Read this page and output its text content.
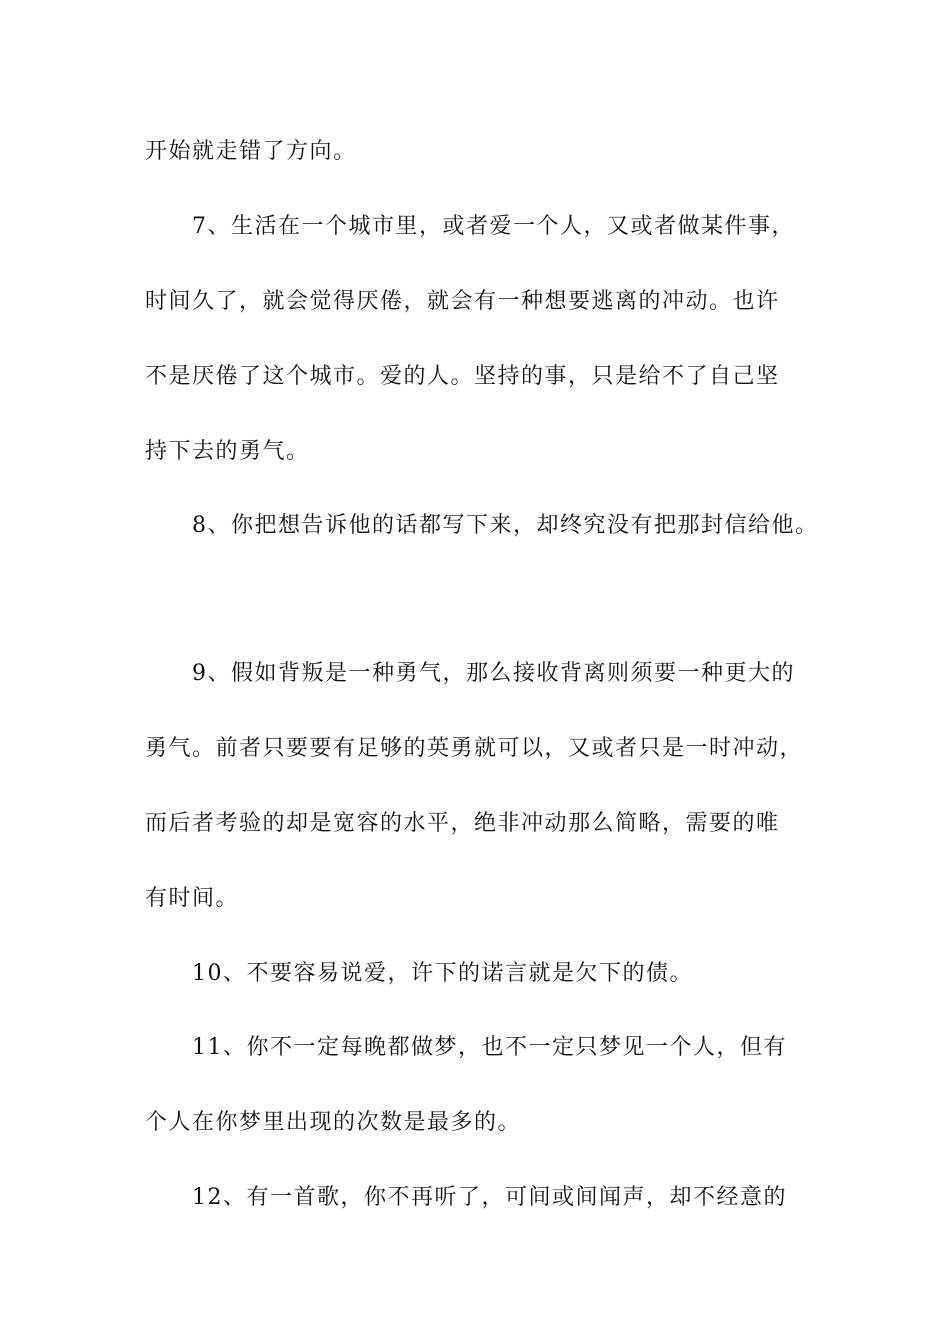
开始就走错了方向。

7、生活在一个城市里，或者爱一个人，又或者做某件事，

时间久了，就会觉得厌倦，就会有一种想要逃离的冲动。也许

不是厌倦了这个城市。爱的人。坚持的事，只是给不了自己坚

持下去的勇气。

8、你把想告诉他的话都写下来，却终究没有把那封信给他。

9、假如背叛是一种勇气，那么接收背离则须要一种更大的

勇气。前者只要要有足够的英勇就可以，又或者只是一时冲动，

而后者考验的却是宽容的水平，绝非冲动那么简略，需要的唯

有时间。

10、不要容易说爱，许下的诺言就是欠下的债。

11、你不一定每晚都做梦，也不一定只梦见一个人，但有

个人在你梦里出现的次数是最多的。

12、有一首歌，你不再听了，可间或间闻声，却不经意的
